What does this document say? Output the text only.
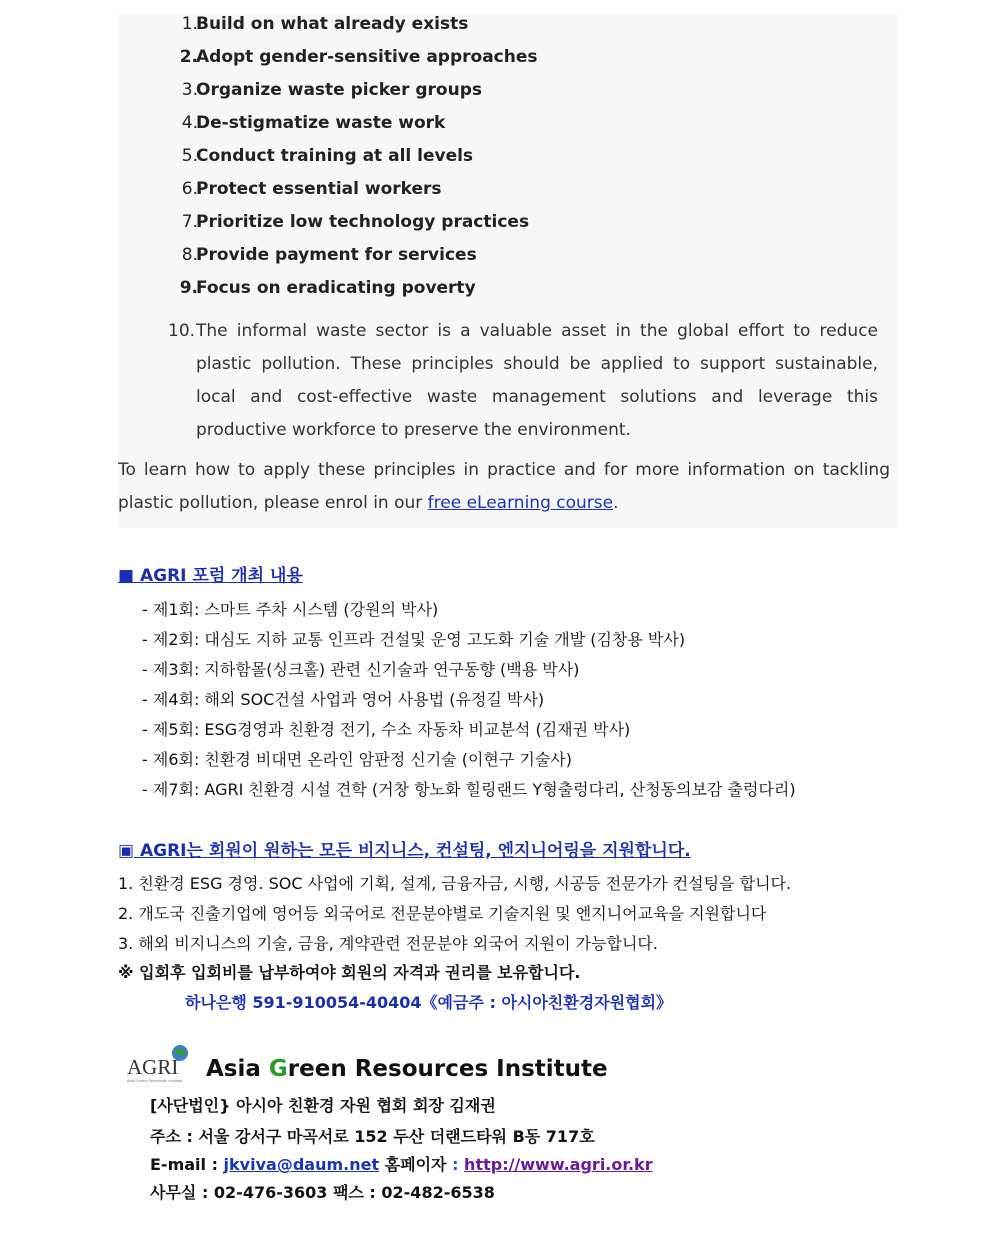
1.
Build on what already exists
2.
Adopt gender-sensitive approaches
3.
Organize waste picker groups
4.
De-stigmatize waste work
5.
Conduct training at all levels
6.
Protect essential workers
7.
Prioritize low technology practices
8.
Provide payment for services
9.
Focus on eradicating poverty
10. The informal waste sector is a valuable asset in the global effort to reduce plastic pollution. These principles should be applied to support sustainable, local and cost-effective waste management solutions and leverage this productive workforce to preserve the environment.
To learn how to apply these principles in practice and for more information on tackling plastic pollution, please enrol in our free eLearning course.
■ AGRI 포럼 개최 내용
- 제1회: 스마트 주차 시스템 (강원의 박사)
- 제2회: 대심도 지하 교통 인프라 건설및 운영 고도화 기술 개발 (김창용 박사)
- 제3회: 지하함몰(싱크홀) 관련 신기술과 연구동향 (백용 박사)
- 제4회: 해외 SOC건설 사업과 영어 사용법 (유정길 박사)
- 제5회: ESG경영과 친환경 전기, 수소 자동차 비교분석 (김재권 박사)
- 제6회: 친환경 비대면 온라인 암판정 신기술 (이현구 기술사)
- 제7회: AGRI 친환경 시설 견학 (거창 항노화 힐링랜드 Y형출렁다리, 산청동의보감 출렁다리)
▣ AGRI는 회원이 원하는 모든 비지니스, 컨설팅, 엔지니어링을 지원합니다.
1. 친환경 ESG 경영. SOC 사업에 기획, 설계, 금융자금, 시행, 시공등 전문가가 컨설팅을 합니다.
2. 개도국 진출기업에 영어등 외국어로 전문분야별로 기술지원 및 엔지니어교육을 지원합니다
3. 해외 비지니스의 기술, 금융, 계약관련 전문분야 외국어 지원이 가능합니다.
※ 입회후 입회비를 납부하여야 회원의 자격과 권리를 보유합니다.
하나은행 591-910054-40404《예금주 : 아시아친환경자원협회》
AGRI
Asia Green Resources Institute Asia Green Resources Institute
[사단법인} 아시아 친환경 자원 협회 회장 김재권
주소 : 서울 강서구 마곡서로 152 두산 더랜드타워 B동 717호
E-mail : jkviva@daum.net 홈페이자 : http://www.agri.or.kr
사무실 : 02-476-3603 팩스 : 02-482-6538
